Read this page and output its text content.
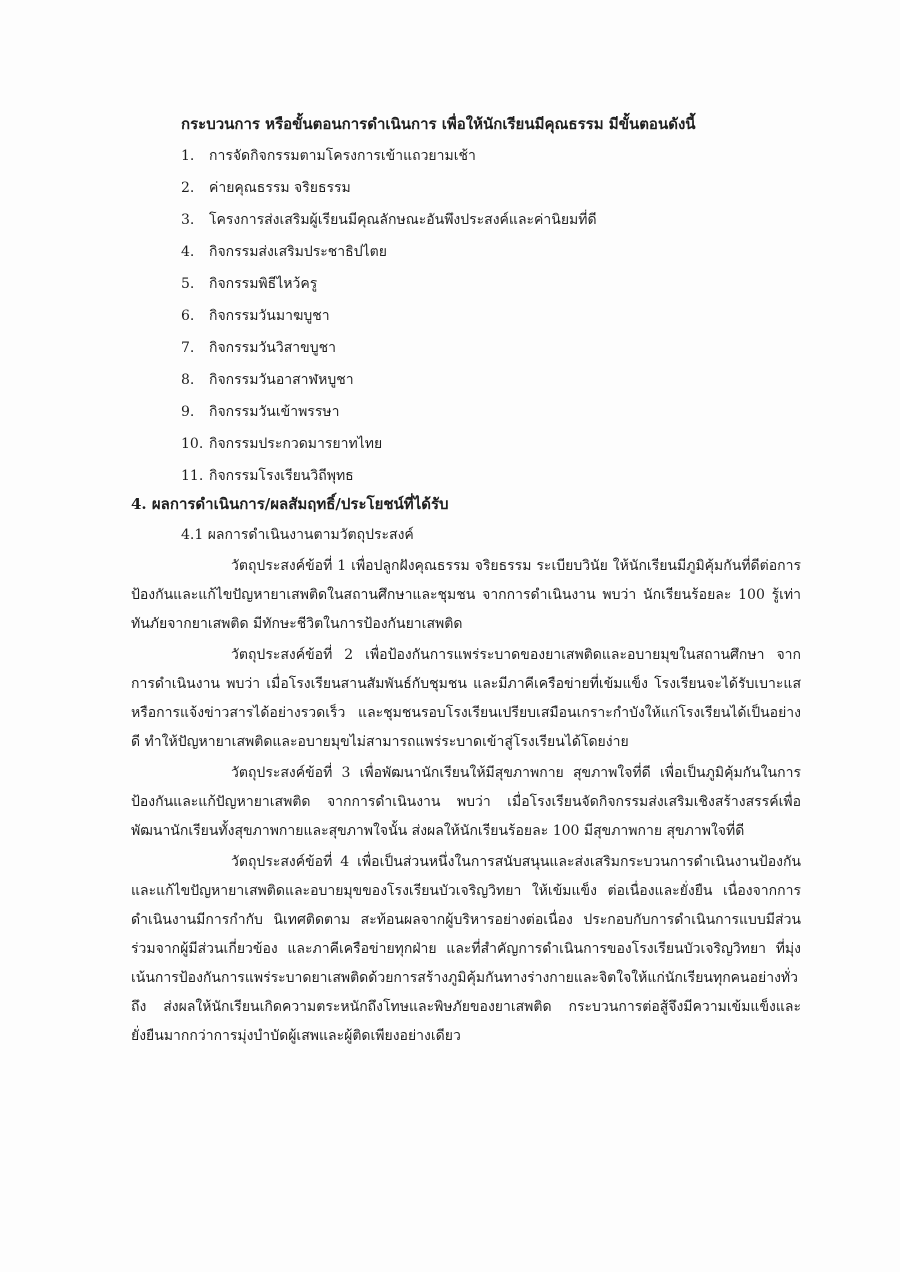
กระบวนการ หรือขั้นตอนการดำเนินการ เพื่อให้นักเรียนมีคุณธรรม มีขั้นตอนดังนี้
1. การจัดกิจกรรมตามโครงการเข้าแถวยามเช้า
2. ค่ายคุณธรรม จริยธรรม
3. โครงการส่งเสริมผู้เรียนมีคุณลักษณะอันพึงประสงค์และค่านิยมที่ดี
4. กิจกรรมส่งเสริมประชาธิปไตย
5. กิจกรรมพิธีไหว้ครู
6. กิจกรรมวันมาฆบูชา
7. กิจกรรมวันวิสาขบูชา
8. กิจกรรมวันอาสาฬหบูชา
9. กิจกรรมวันเข้าพรรษา
10. กิจกรรมประกวดมารยาทไทย
11. กิจกรรมโรงเรียนวิถีพุทธ
4. ผลการดำเนินการ/ผลสัมฤทธิ์/ประโยชน์ที่ได้รับ
4.1 ผลการดำเนินงานตามวัตถุประสงค์

วัตถุประสงค์ข้อที่ 1 เพื่อปลูกฝังคุณธรรม จริยธรรม ระเบียบวินัย ให้นักเรียนมีภูมิคุ้มกันที่ดีต่อการป้องกันและแก้ไขปัญหายาเสพติดในสถานศึกษาและชุมชน จากการดำเนินงาน พบว่า นักเรียนร้อยละ 100 รู้เท่าทันภัยจากยาเสพติด มีทักษะชีวิตในการป้องกันยาเสพติด

วัตถุประสงค์ข้อที่ 2 เพื่อป้องกันการแพร่ระบาดของยาเสพติดและอบายมุขในสถานศึกษา จากการดำเนินงาน พบว่า เมื่อโรงเรียนสานสัมพันธ์กับชุมชน และมีภาคีเครือข่ายที่เข้มแข็ง โรงเรียนจะได้รับเบาะแสหรือการแจ้งข่าวสารได้อย่างรวดเร็ว และชุมชนรอบโรงเรียนเปรียบเสมือนเกราะกำบังให้แก่โรงเรียนได้เป็นอย่างดี ทำให้ปัญหายาเสพติดและอบายมุขไม่สามารถแพร่ระบาดเข้าสู่โรงเรียนได้โดยง่าย

วัตถุประสงค์ข้อที่ 3 เพื่อพัฒนานักเรียนให้มีสุขภาพกาย สุขภาพใจที่ดี เพื่อเป็นภูมิคุ้มกันในการป้องกันและแก้ปัญหายาเสพติด จากการดำเนินงาน พบว่า เมื่อโรงเรียนจัดกิจกรรมส่งเสริมเชิงสร้างสรรค์เพื่อพัฒนานักเรียนทั้งสุขภาพกายและสุขภาพใจนั้น ส่งผลให้นักเรียนร้อยละ 100 มีสุขภาพกาย สุขภาพใจที่ดี

วัตถุประสงค์ข้อที่ 4 เพื่อเป็นส่วนหนึ่งในการสนับสนุนและส่งเสริมกระบวนการดำเนินงานป้องกันและแก้ไขปัญหายาเสพติดและอบายมุขของโรงเรียนบัวเจริญวิทยา ให้เข้มแข็ง ต่อเนื่องและยั่งยืน เนื่องจากการดำเนินงานมีการกำกับ นิเทศติดตาม สะท้อนผลจากผู้บริหารอย่างต่อเนื่อง ประกอบกับการดำเนินการแบบมีส่วนร่วมจากผู้มีส่วนเกี่ยวข้อง และภาคีเครือข่ายทุกฝ่าย และที่สำคัญการดำเนินการของโรงเรียนบัวเจริญวิทยา ที่มุ่งเน้นการป้องกันการแพร่ระบาดยาเสพติดด้วยการสร้างภูมิคุ้มกันทางร่างกายและจิตใจให้แก่นักเรียนทุกคนอย่างทั่วถึง ส่งผลให้นักเรียนเกิดความตระหนักถึงโทษและพิษภัยของยาเสพติด กระบวนการต่อสู้จึงมีความเข้มแข็งและยั่งยืนมากกว่าการมุ่งบำบัดผู้เสพและผู้ติดเพียงอย่างเดียว
